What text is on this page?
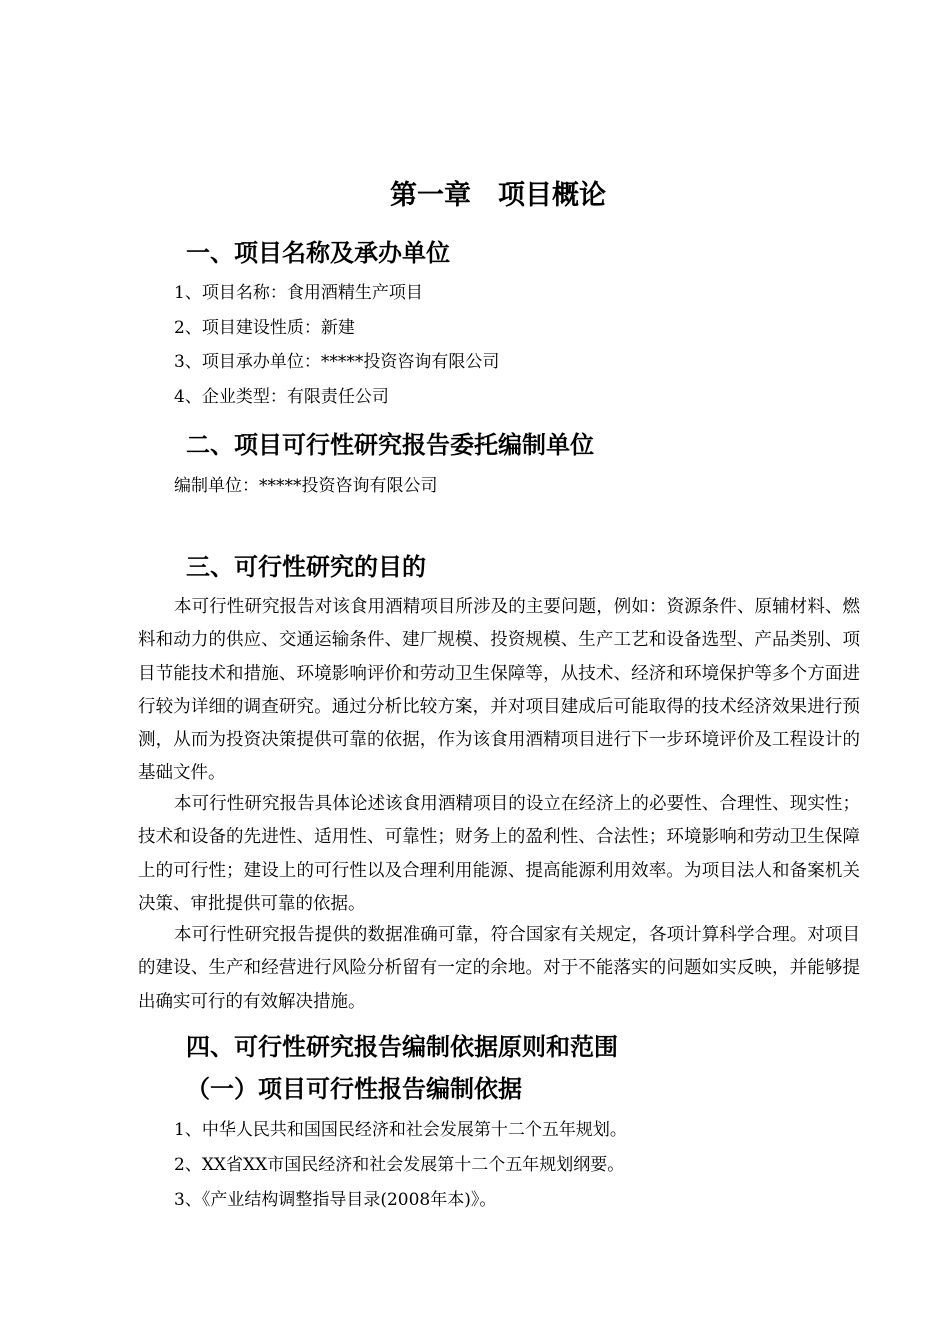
第一章　项目概论
一、项目名称及承办单位
1、项目名称：食用酒精生产项目
2、项目建设性质：新建
3、项目承办单位：*****投资咨询有限公司
4、企业类型：有限责任公司
二、项目可行性研究报告委托编制单位
编制单位：*****投资咨询有限公司
三、可行性研究的目的

本可行性研究报告对该食用酒精项目所涉及的主要问题，例如：资源条件、原辅材料、燃料和动力的供应、交通运输条件、建厂规模、投资规模、生产工艺和设备选型、产品类别、项目节能技术和措施、环境影响评价和劳动卫生保障等，从技术、经济和环境保护等多个方面进行较为详细的调查研究。通过分析比较方案，并对项目建成后可能取得的技术经济效果进行预测，从而为投资决策提供可靠的依据，作为该食用酒精项目进行下一步环境评价及工程设计的基础文件。

本可行性研究报告具体论述该食用酒精项目的设立在经济上的必要性、合理性、现实性；技术和设备的先进性、适用性、可靠性；财务上的盈利性、合法性；环境影响和劳动卫生保障上的可行性；建设上的可行性以及合理利用能源、提高能源利用效率。为项目法人和备案机关决策、审批提供可靠的依据。

本可行性研究报告提供的数据准确可靠，符合国家有关规定，各项计算科学合理。对项目的建设、生产和经营进行风险分析留有一定的余地。对于不能落实的问题如实反映，并能够提出确实可行的有效解决措施。

四、可行性研究报告编制依据原则和范围
（一）项目可行性报告编制依据
1、中华人民共和国国民经济和社会发展第十二个五年规划。
2、XX省XX市国民经济和社会发展第十二个五年规划纲要。
3、《产业结构调整指导目录(2008年本)》。
